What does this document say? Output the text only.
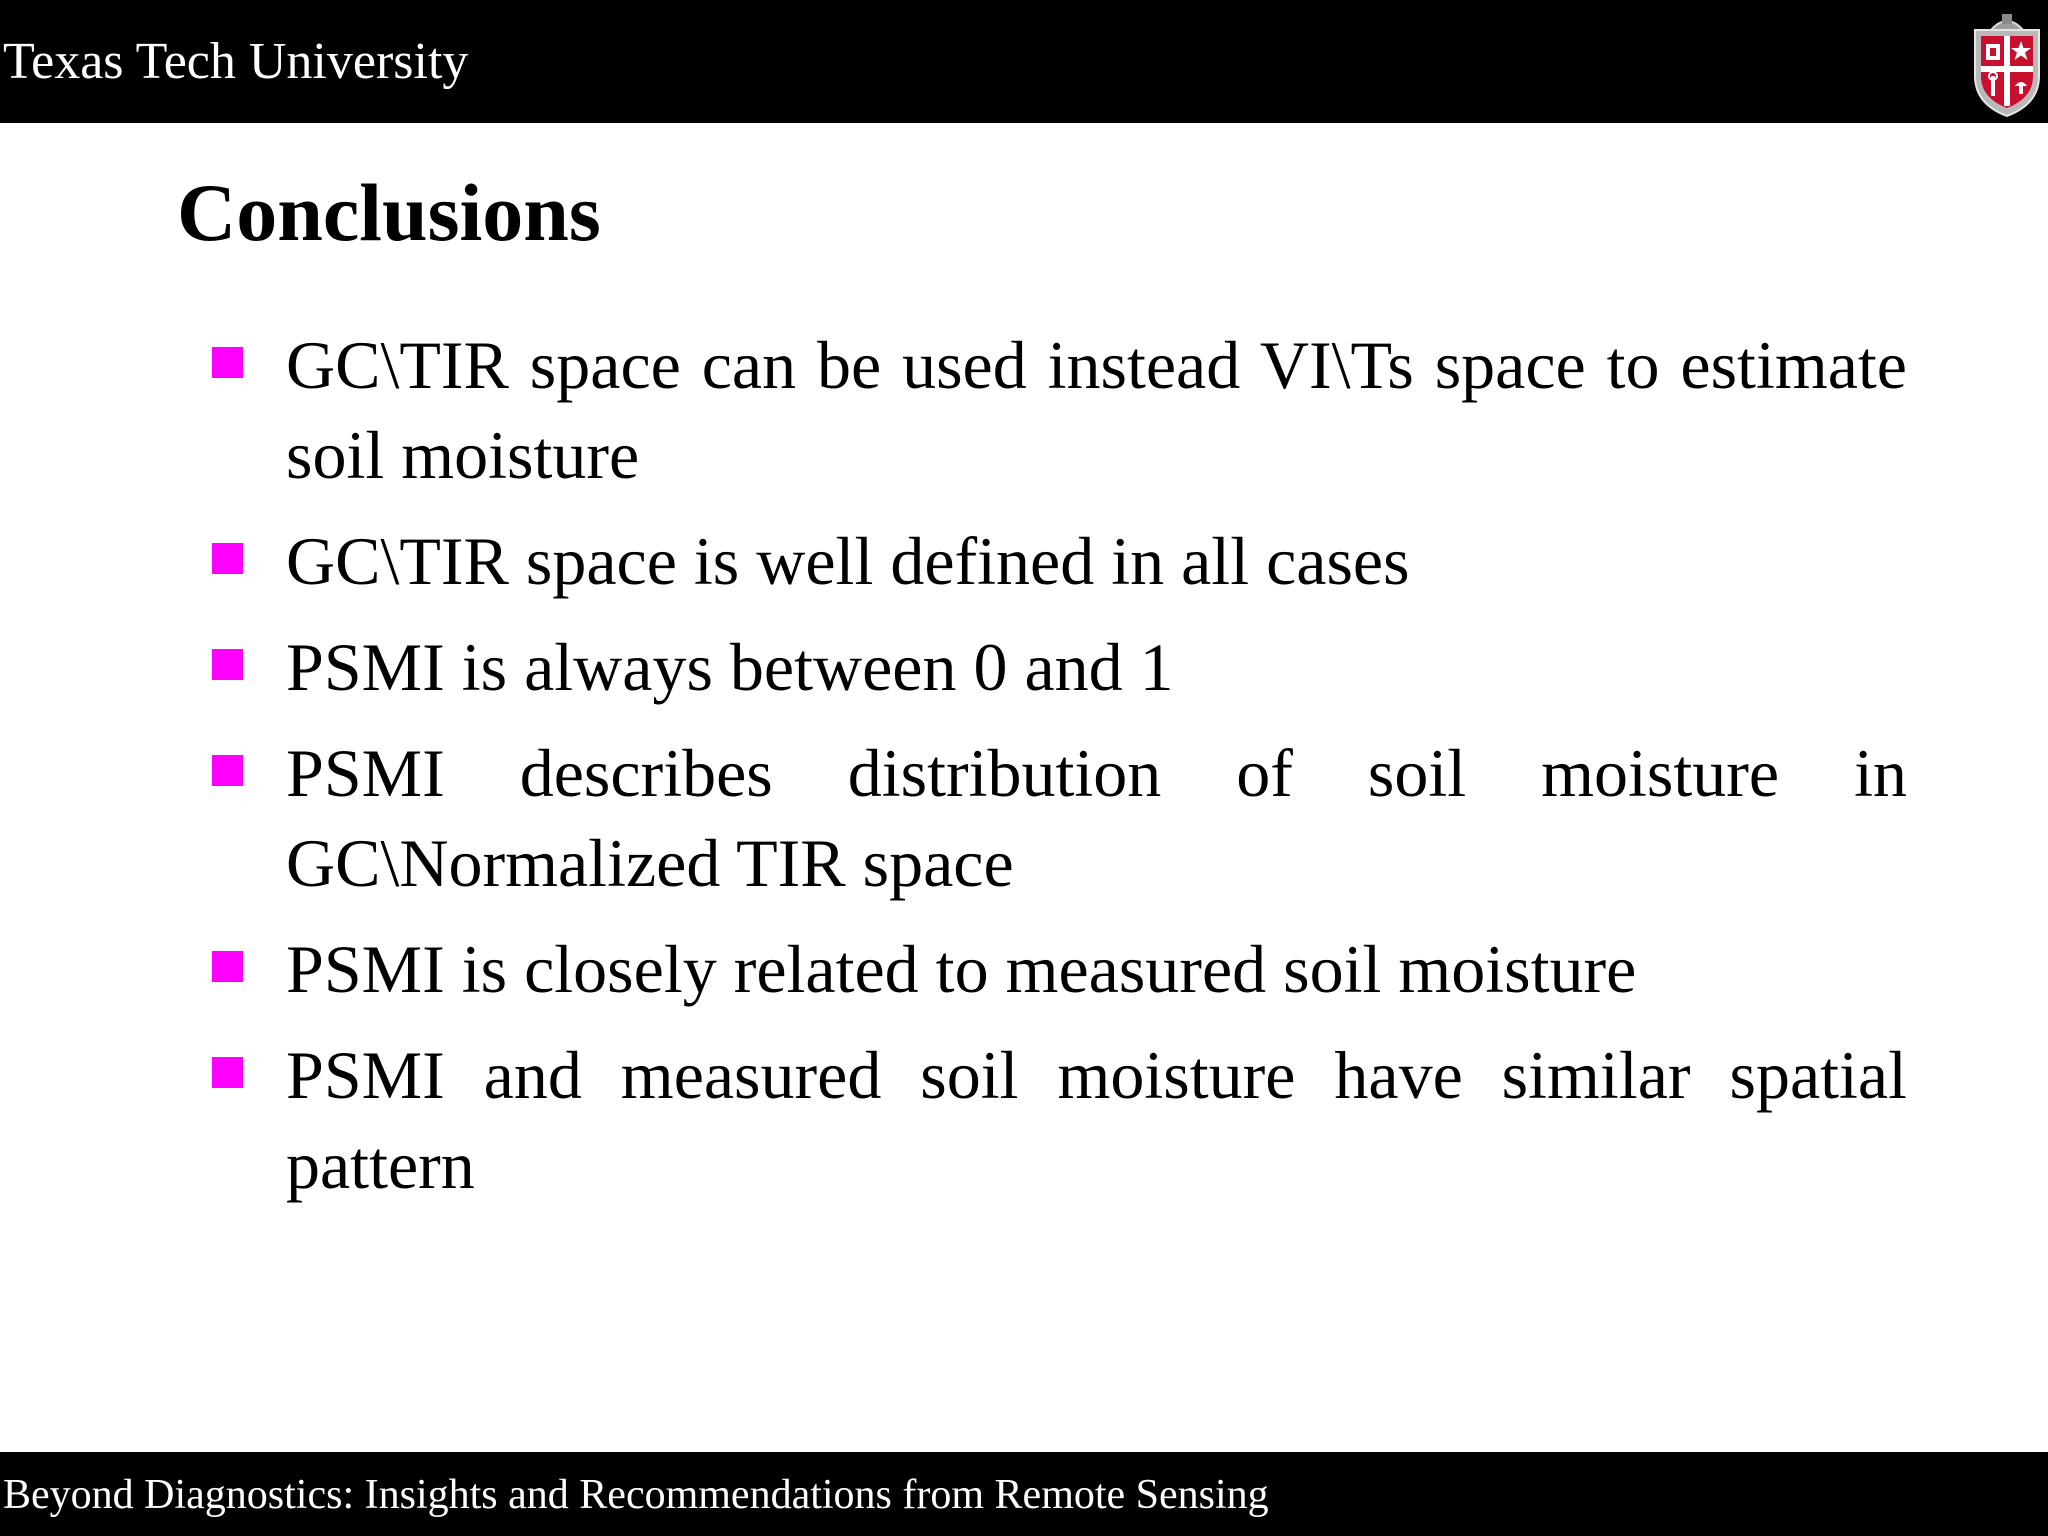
Texas Tech University
Conclusions
GC\TIR space can be used instead VI\Ts space to estimate soil moisture
GC\TIR space is well defined in all cases
PSMI is always between 0 and 1
PSMI describes distribution of soil moisture in GC\Normalized TIR space
PSMI is closely related to measured soil moisture
PSMI and measured soil moisture have similar spatial pattern
Beyond Diagnostics: Insights and Recommendations from Remote Sensing
